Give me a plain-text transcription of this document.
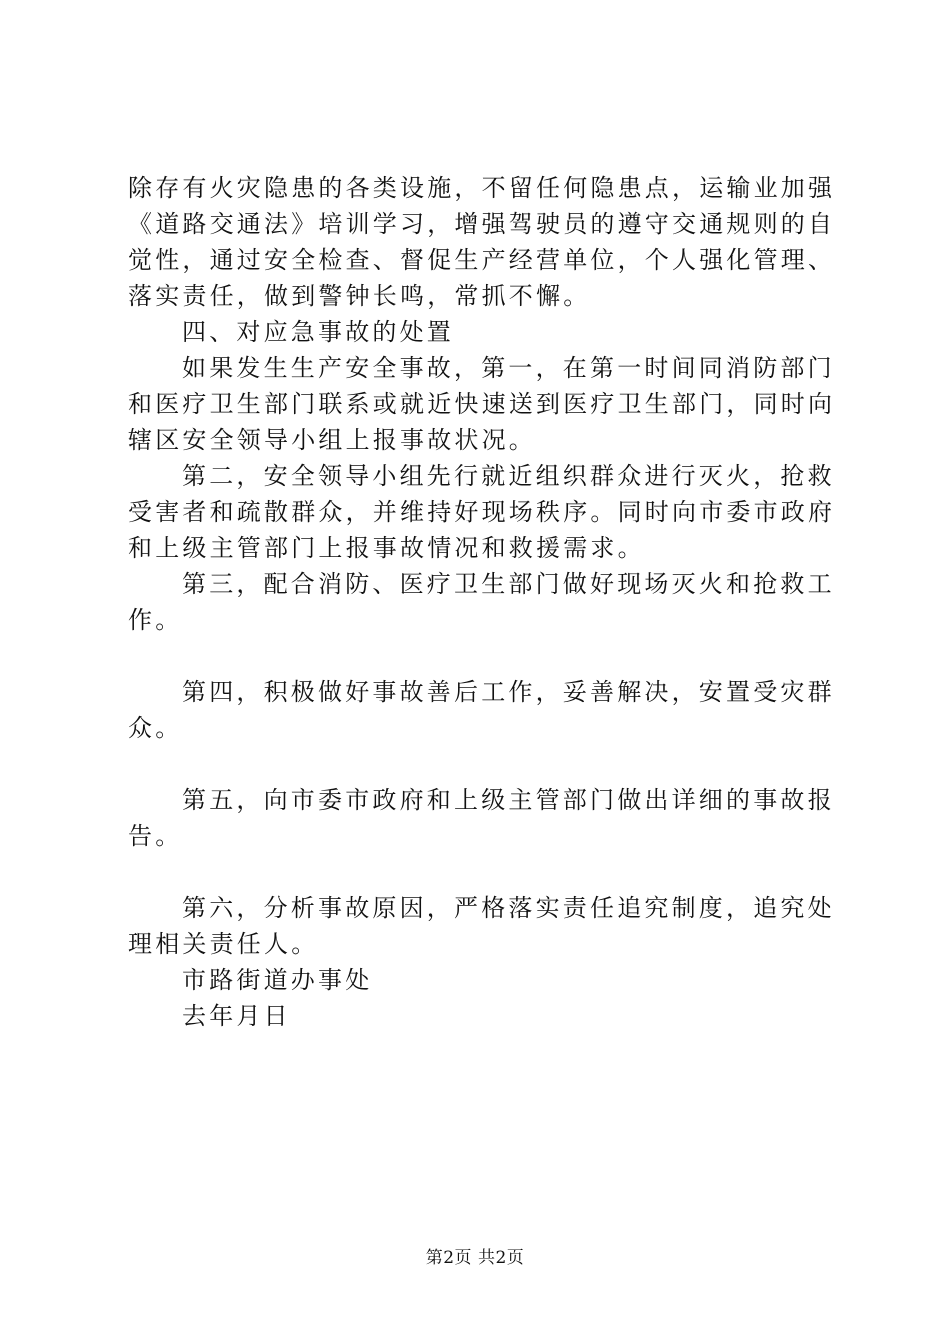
除存有火灾隐患的各类设施，不留任何隐患点，运输业加强《道路交通法》培训学习，增强驾驶员的遵守交通规则的自觉性，通过安全检查、督促生产经营单位，个人强化管理、落实责任，做到警钟长鸣，常抓不懈。

四、对应急事故的处置

如果发生生产安全事故，第一，在第一时间同消防部门和医疗卫生部门联系或就近快速送到医疗卫生部门，同时向辖区安全领导小组上报事故状况。

第二，安全领导小组先行就近组织群众进行灭火，抢救受害者和疏散群众，并维持好现场秩序。同时向市委市政府和上级主管部门上报事故情况和救援需求。

第三，配合消防、医疗卫生部门做好现场灭火和抢救工作。

第四，积极做好事故善后工作，妥善解决，安置受灾群众。

第五，向市委市政府和上级主管部门做出详细的事故报告。

第六，分析事故原因，严格落实责任追究制度，追究处理相关责任人。

市路街道办事处

去年月日

第2页 共2页
